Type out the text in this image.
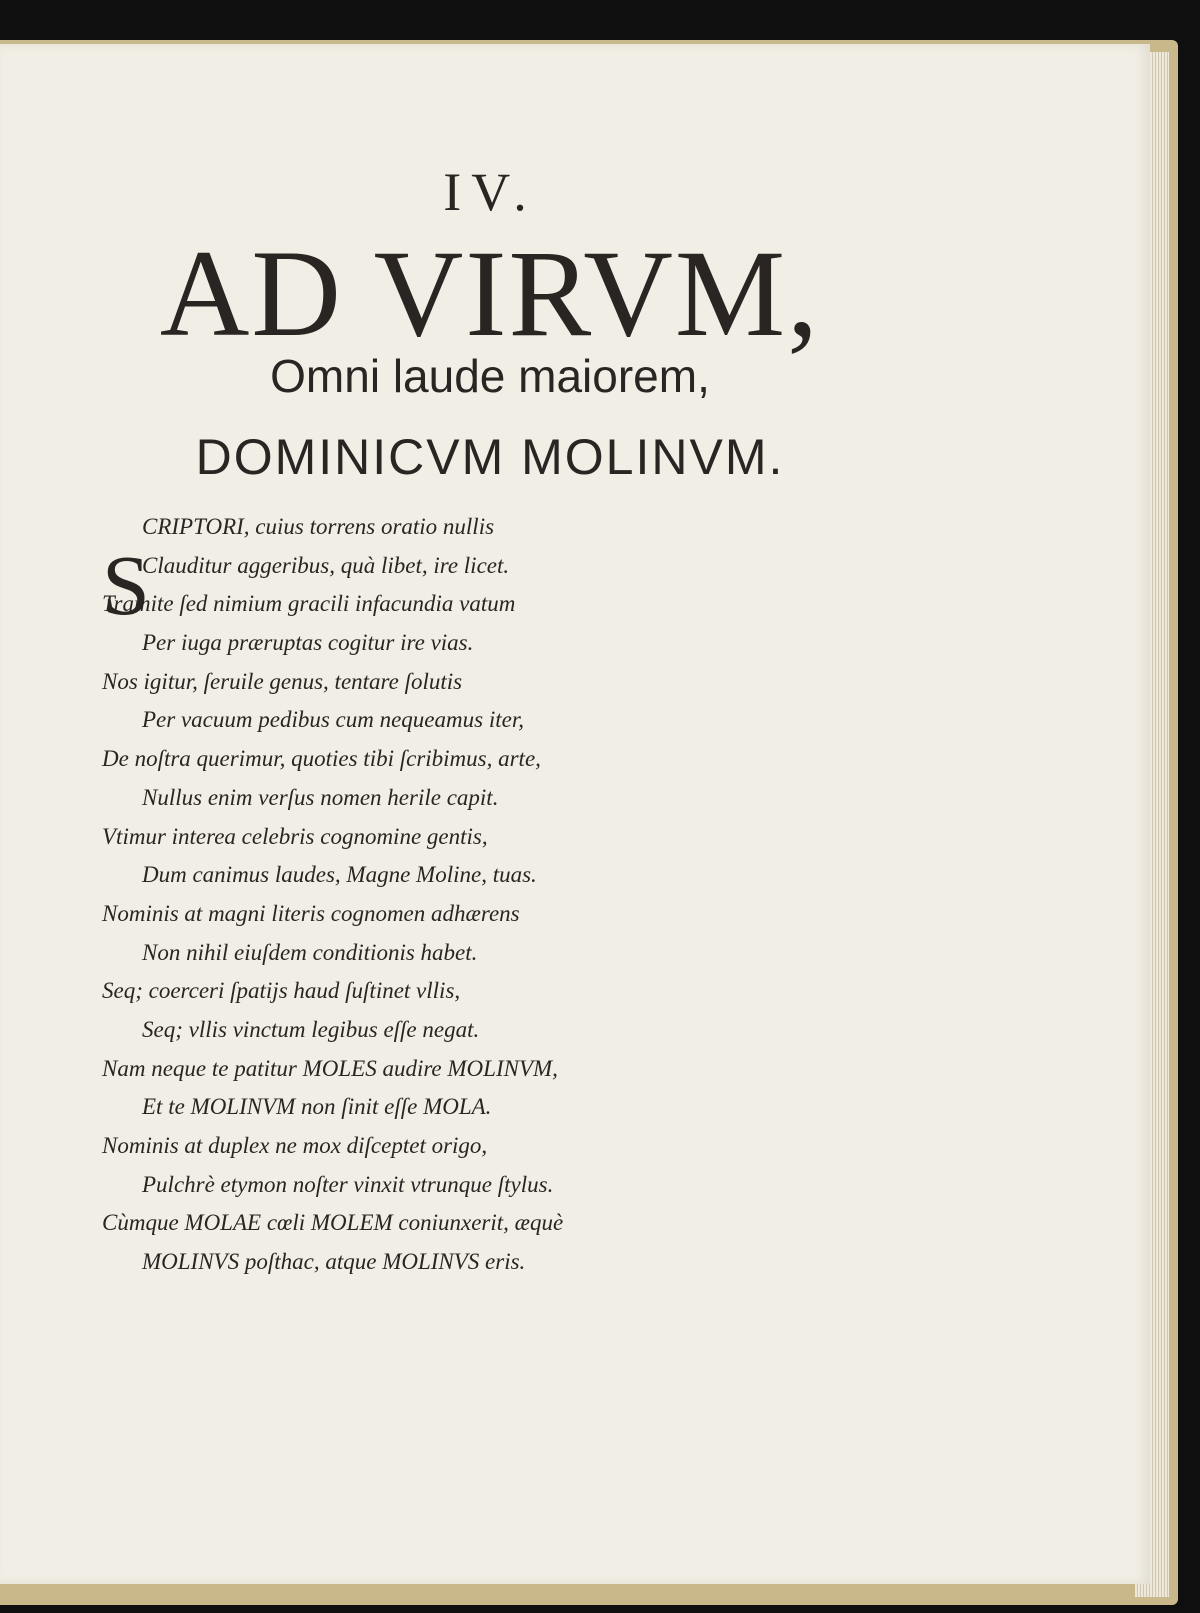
IV.
AD VIRVM,
Omni laude maiorem,
DOMINICVM MOLINVM.
S
CRIPTORI, cuius torrens oratio nullis
Clauditur aggeribus, quà libet, ire licet.
Tramite ſed nimium gracili infacundia vatum
Per iuga præruptas cogitur ire vias.
Nos igitur, ſeruile genus, tentare ſolutis
Per vacuum pedibus cum nequeamus iter,
De noſtra querimur, quoties tibi ſcribimus, arte,
Nullus enim verſus nomen herile capit.
Vtimur interea celebris cognomine gentis,
Dum canimus laudes, Magne Moline, tuas.
Nominis at magni literis cognomen adhærens
Non nihil eiuſdem conditionis habet.
Seq; coerceri ſpatijs haud ſuſtinet vllis,
Seq; vllis vinctum legibus eſſe negat.
Nam neque te patitur MOLES audire MOLINVM,
Et te MOLINVM non ſinit eſſe MOLA.
Nominis at duplex ne mox diſceptet origo,
Pulchrè etymon noſter vinxit vtrunque ſtylus.
Cùmque MOLAE cœli MOLEM coniunxerit, æquè
MOLINVS poſthac, atque MOLINVS eris.
